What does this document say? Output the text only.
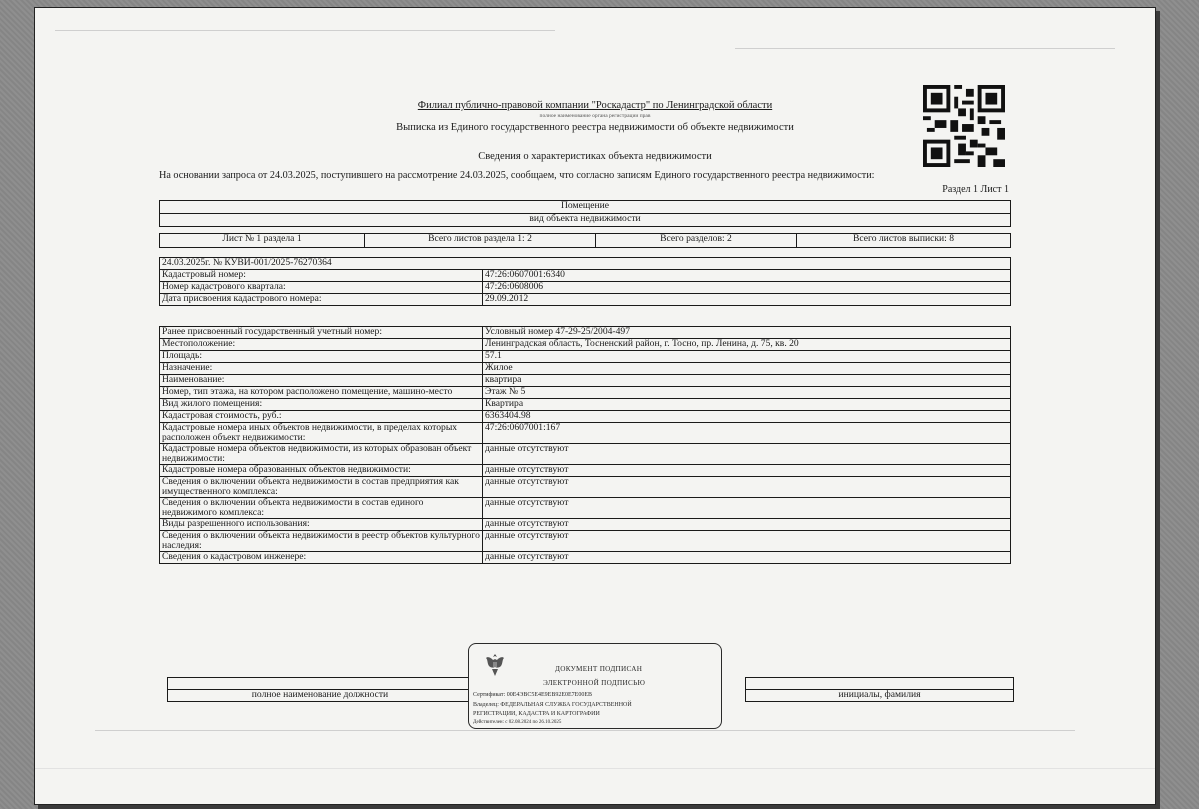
Филиал публично-правовой компании "Роскадастр" по Ленинградской области
полное наименование органа регистрации прав
Выписка из Единого государственного реестра недвижимости об объекте недвижимости
Сведения о характеристиках объекта недвижимости
На основании запроса от 24.03.2025, поступившего на рассмотрение 24.03.2025, сообщаем, что согласно записям Единого государственного реестра недвижимости:
Раздел 1 Лист 1
Помещение
вид объекта недвижимости
Лист № 1 раздела 1	Всего листов раздела 1: 2	Всего разделов: 2	Всего листов выписки: 8
24.03.2025г. № КУВИ-001/2025-76270364	
Кадастровый номер:	47:26:0607001:6340
Номер кадастрового квартала:	47:26:0608006
Дата присвоения кадастрового номера:	29.09.2012
Ранее присвоенный государственный учетный номер:	Условный номер 47-29-25/2004-497
Местоположение:	Ленинградская область, Тосненский район, г. Тосно, пр. Ленина, д. 75, кв. 20
Площадь:	57.1
Назначение:	Жилое
Наименование:	квартира
Номер, тип этажа, на котором расположено помещение, машино-место	Этаж № 5
Вид жилого помещения:	Квартира
Кадастровая стоимость, руб.:	6363404.98
Кадастровые номера иных объектов недвижимости, в пределах которых расположен объект недвижимости:	47:26:0607001:167
Кадастровые номера объектов недвижимости, из которых образован объект недвижимости:	данные отсутствуют
Кадастровые номера образованных объектов недвижимости:	данные отсутствуют
Сведения о включении объекта недвижимости в состав предприятия как имущественного комплекса:	данные отсутствуют
Сведения о включении объекта недвижимости в состав единого недвижимого комплекса:	данные отсутствуют
Виды разрешенного использования:	данные отсутствуют
Сведения о включении объекта недвижимости в реестр объектов культурного наследия:	данные отсутствуют
Сведения о кадастровом инженере:	данные отсутствуют

полное наименование должности		инициалы, фамилия
ДОКУМЕНТ ПОДПИСАН
ЭЛЕКТРОННОЙ ПОДПИСЬЮ
Сертификат: 00Е4ЭВС5Е4Е9ЕВ92Е0Е7Е00ЕВ
Владелец: ФЕДЕРАЛЬНАЯ СЛУЖБА ГОСУДАРСТВЕННОЙ
РЕГИСТРАЦИИ, КАДАСТРА И КАРТОГРАФИИ
Действителен: с 02.08.2024 по 26.10.2025
